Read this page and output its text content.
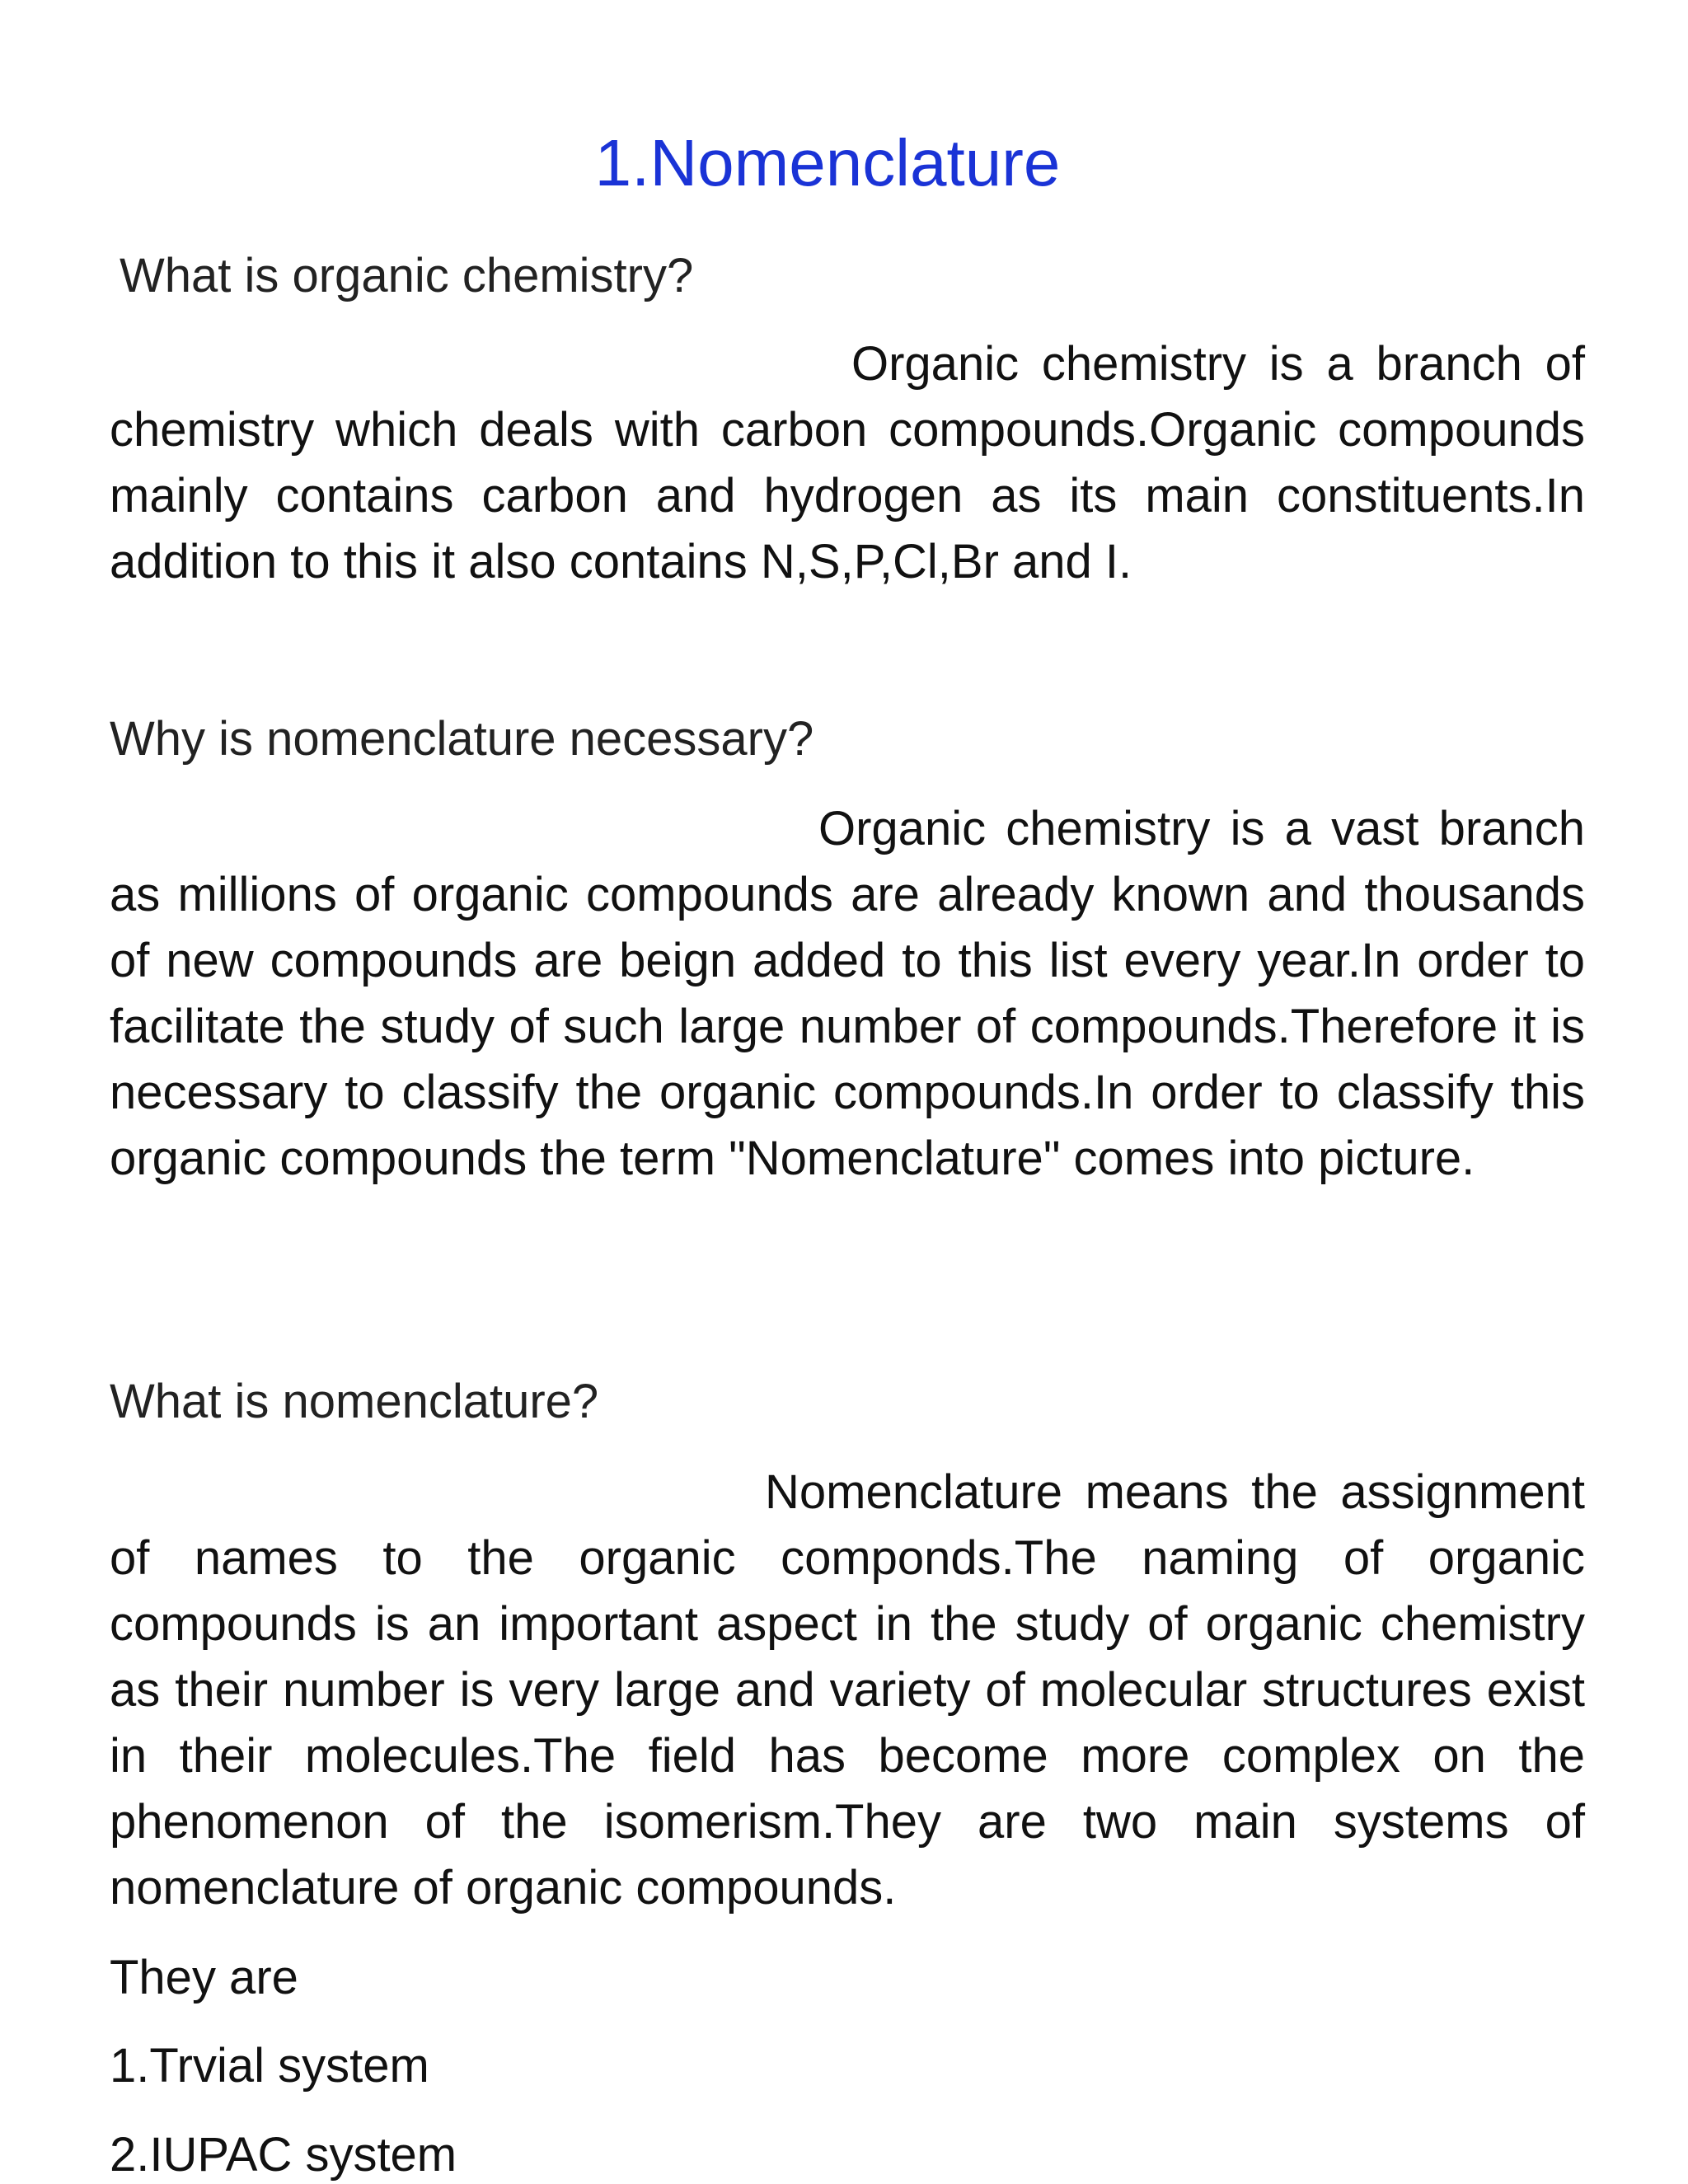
1.Nomenclature

What is organic chemistry?

Organic chemistry is a branch of chemistry which deals with carbon compounds.Organic compounds mainly contains carbon and hydrogen as its main constituents.In addition to this it also contains N,S,P,Cl,Br and I.

Why is nomenclature necessary?

Organic chemistry is a vast branch as millions of organic compounds are already known and thousands of new compounds are beign added to this list every year.In order to facilitate the study of such large number of compounds.Therefore it is necessary to classify the organic compounds.In order to classify this organic compounds the term "Nomenclature" comes into picture.

What is nomenclature?

Nomenclature means the assignment of names to the organic componds.The naming of organic compounds is an important aspect in the study of organic chemistry as their number is very large and variety of molecular structures exist in their molecules.The field has become more complex on the phenomenon of the isomerism.They are two main systems of nomenclature of organic compounds.

They are

1.Trvial system

2.IUPAC system
